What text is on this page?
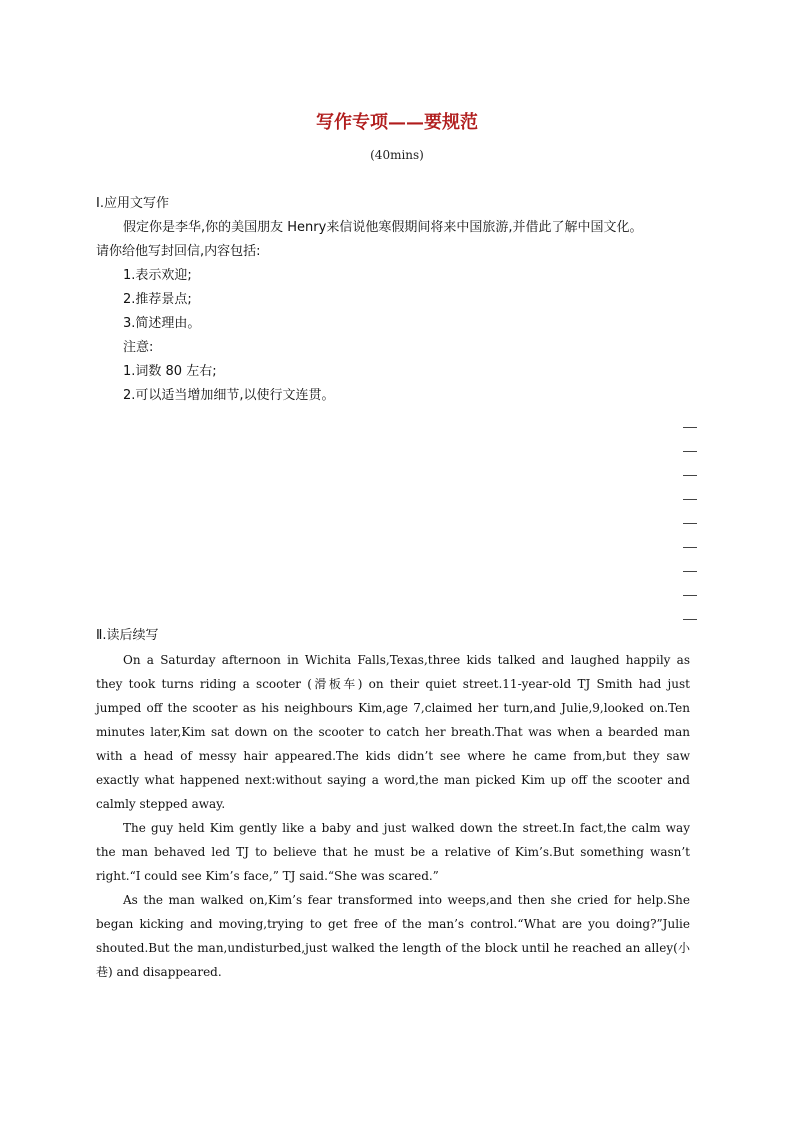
写作专项——要规范
(40mins)
Ⅰ.应用文写作
假定你是李华,你的美国朋友 Henry来信说他寒假期间将来中国旅游,并借此了解中国文化。
请你给他写封回信,内容包括:
1.表示欢迎;
2.推荐景点;
3.简述理由。
注意:
1.词数 80 左右;
2.可以适当增加细节,以使行文连贯。
Ⅱ.读后续写

On a Saturday afternoon in Wichita Falls,Texas,three kids talked and laughed happily as they took turns riding a scooter (滑板车) on their quiet street.11-year-old TJ Smith had just jumped off the scooter as his neighbours Kim,age 7,claimed her turn,and Julie,9,looked on.Ten minutes later,Kim sat down on the scooter to catch her breath.That was when a bearded man with a head of messy hair appeared.The kids didn’t see where he came from,but they saw exactly what happened next:without saying a word,the man picked Kim up off the scooter and calmly stepped away.

The guy held Kim gently like a baby and just walked down the street.In fact,the calm way the man behaved led TJ to believe that he must be a relative of Kim’s.But something wasn’t right.“I could see Kim’s face,” TJ said.“She was scared.”

As the man walked on,Kim’s fear transformed into weeps,and then she cried for help.She began kicking and moving,trying to get free of the man’s control.“What are you doing?”Julie shouted.But the man,undisturbed,just walked the length of the block until he reached an alley(小巷) and disappeared.
